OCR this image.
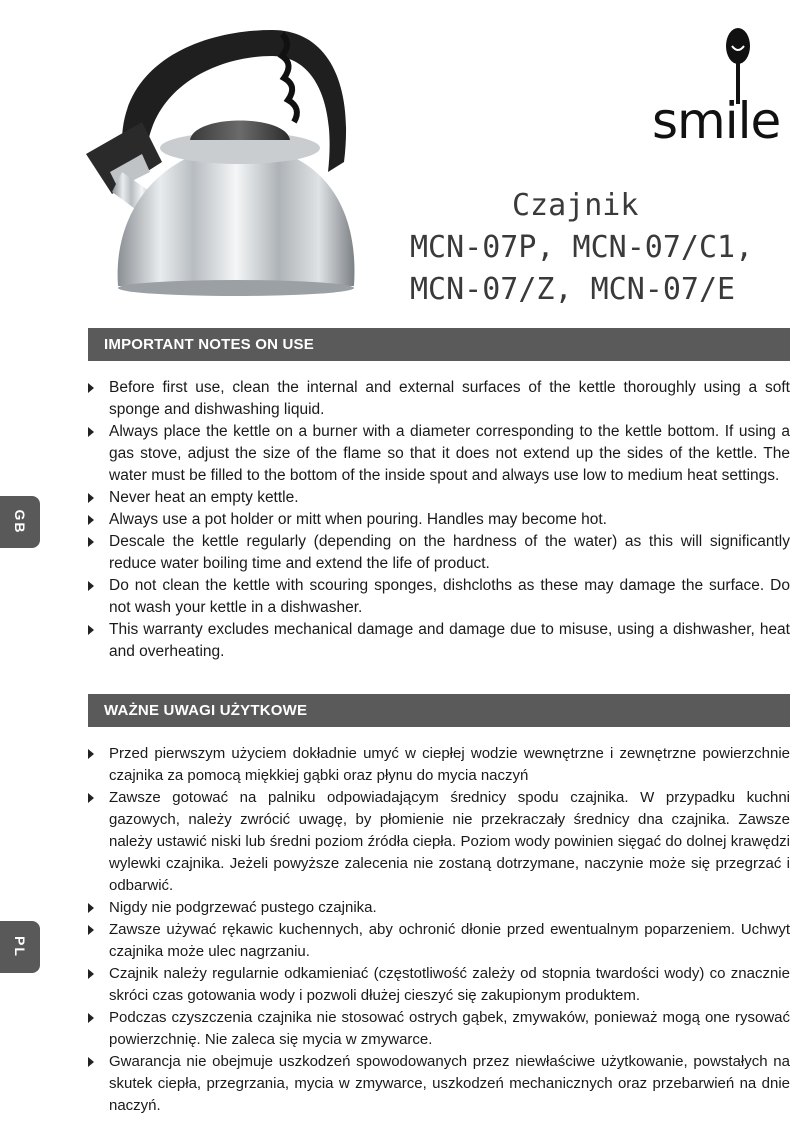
smile
Czajnik
MCN-07P, MCN-07/C1,
MCN-07/Z, MCN-07/E
IMPORTANT NOTES ON USE
GB
Before first use, clean the internal and external surfaces of the kettle thoroughly using a soft sponge and dishwashing liquid.
Always place the kettle on a burner with a diameter corresponding to the kettle bottom. If using a gas stove, adjust the size of the flame so that it does not extend up the sides of the kettle. The water must be filled to the bottom of the inside spout and always use low to medium heat settings.
Never heat an empty kettle.
Always use a pot holder or mitt when pouring. Handles may become hot.
Descale the kettle regularly (depending on the hardness of the water) as this will significantly reduce water boiling time and extend the life of product.
Do not clean the kettle with scouring sponges, dishcloths as these may damage the surface. Do not wash your kettle in a dishwasher.
This warranty excludes mechanical damage and damage due to misuse, using a dishwasher, heat and overheating.
WAŻNE UWAGI UŻYTKOWE
PL
Przed pierwszym użyciem dokładnie umyć w ciepłej wodzie wewnętrzne i zewnętrzne powierzchnie czajnika za pomocą miękkiej gąbki oraz płynu do mycia naczyń
Zawsze gotować na palniku odpowiadającym średnicy spodu czajnika. W przypadku kuchni gazowych, należy zwrócić uwagę, by płomienie nie przekraczały średnicy dna czajnika. Zawsze należy ustawić niski lub średni poziom źródła ciepła. Poziom wody powinien sięgać do dolnej krawędzi wylewki czajnika. Jeżeli powyższe zalecenia nie zostaną dotrzymane, naczynie może się przegrzać i odbarwić.
Nigdy nie podgrzewać pustego czajnika.
Zawsze używać rękawic kuchennych, aby ochronić dłonie przed ewentualnym poparzeniem. Uchwyt czajnika może ulec nagrzaniu.
Czajnik należy regularnie odkamieniać (częstotliwość zależy od stopnia twardości wody) co znacznie skróci czas gotowania wody i pozwoli dłużej cieszyć się zakupionym produktem.
Podczas czyszczenia czajnika nie stosować ostrych gąbek, zmywaków, ponieważ mogą one rysować powierzchnię. Nie zaleca się mycia w zmywarce.
Gwarancja nie obejmuje uszkodzeń spowodowanych przez niewłaściwe użytkowanie, powstałych na skutek ciepła, przegrzania, mycia w zmywarce, uszkodzeń mechanicznych oraz przebarwień na dnie naczyń.
